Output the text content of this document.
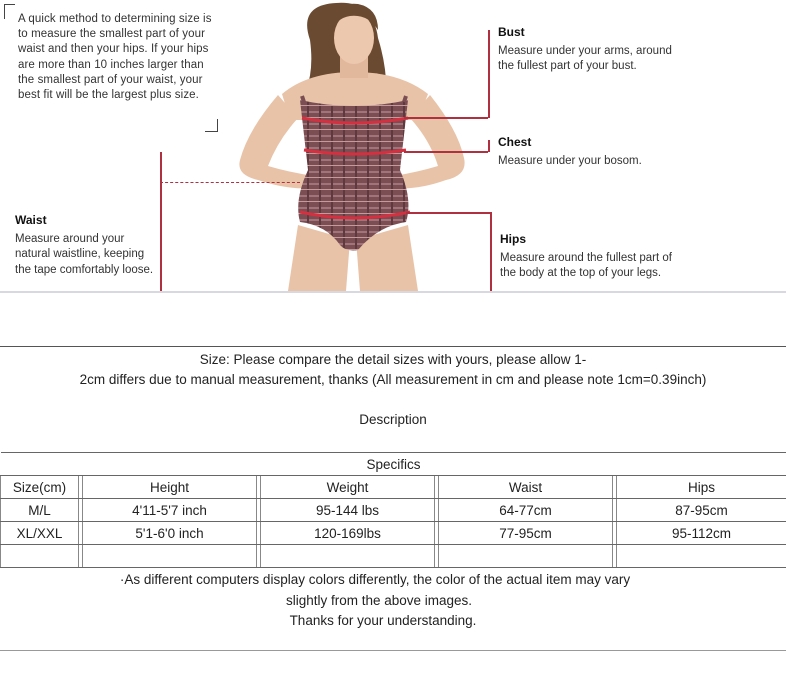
A quick method to determining size is to measure the smallest part of your waist and then your hips. If your hips are more than 10 inches larger than the smallest part of your waist, your best fit will be the largest plus size.
Bust
Measure under your arms, around the fullest part of your bust.
Chest
Measure under your bosom.
Waist
Measure around your natural waistline, keeping the tape comfortably loose.
Hips
Measure around the fullest part of the body at the top of your legs.
Size: Please compare the detail sizes with yours, please allow 1-
2cm differs due to manual measurement, thanks (All measurement in cm and please note 1cm=0.39inch)
Description
Specifics								
Size(cm)		Height		Weight		Waist		Hips
M/L		4'11-5'7 inch		95-144 lbs		64-77cm		87-95cm
XL/XXL		5'1-6'0 inch		120-169lbs		77-95cm		95-112cm

·As different computers display colors differently, the color of the actual item may vary
slightly from the above images.
Thanks for your understanding.
